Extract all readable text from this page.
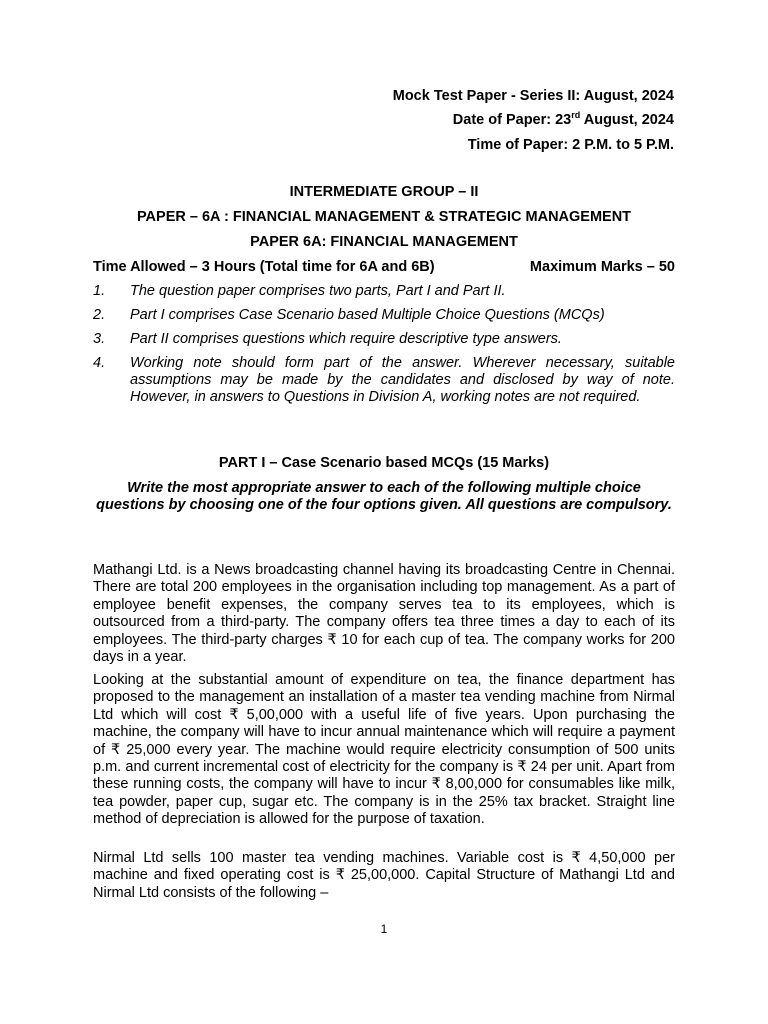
Mock Test Paper - Series II: August, 2024
Date of Paper: 23rd August, 2024
Time of Paper: 2 P.M. to 5 P.M.
INTERMEDIATE GROUP – II
PAPER – 6A : FINANCIAL MANAGEMENT & STRATEGIC MANAGEMENT
PAPER 6A: FINANCIAL MANAGEMENT
Time Allowed – 3 Hours (Total time for 6A and 6B)	Maximum Marks – 50
1. The question paper comprises two parts, Part I and Part II.
2. Part I comprises Case Scenario based Multiple Choice Questions (MCQs)
3. Part II comprises questions which require descriptive type answers.
4. Working note should form part of the answer. Wherever necessary, suitable assumptions may be made by the candidates and disclosed by way of note. However, in answers to Questions in Division A, working notes are not required.
PART I – Case Scenario based MCQs (15 Marks)
Write the most appropriate answer to each of the following multiple choice questions by choosing one of the four options given. All questions are compulsory.
Mathangi Ltd. is a News broadcasting channel having its broadcasting Centre in Chennai. There are total 200 employees in the organisation including top management. As a part of employee benefit expenses, the company serves tea to its employees, which is outsourced from a third-party. The company offers tea three times a day to each of its employees. The third-party charges ₹ 10 for each cup of tea. The company works for 200 days in a year.
Looking at the substantial amount of expenditure on tea, the finance department has proposed to the management an installation of a master tea vending machine from Nirmal Ltd which will cost ₹ 5,00,000 with a useful life of five years. Upon purchasing the machine, the company will have to incur annual maintenance which will require a payment of ₹ 25,000 every year. The machine would require electricity consumption of 500 units p.m. and current incremental cost of electricity for the company is ₹ 24 per unit. Apart from these running costs, the company will have to incur ₹ 8,00,000 for consumables like milk, tea powder, paper cup, sugar etc. The company is in the 25% tax bracket. Straight line method of depreciation is allowed for the purpose of taxation.
Nirmal Ltd sells 100 master tea vending machines. Variable cost is ₹ 4,50,000 per machine and fixed operating cost is ₹ 25,00,000. Capital Structure of Mathangi Ltd and Nirmal Ltd consists of the following –
1
